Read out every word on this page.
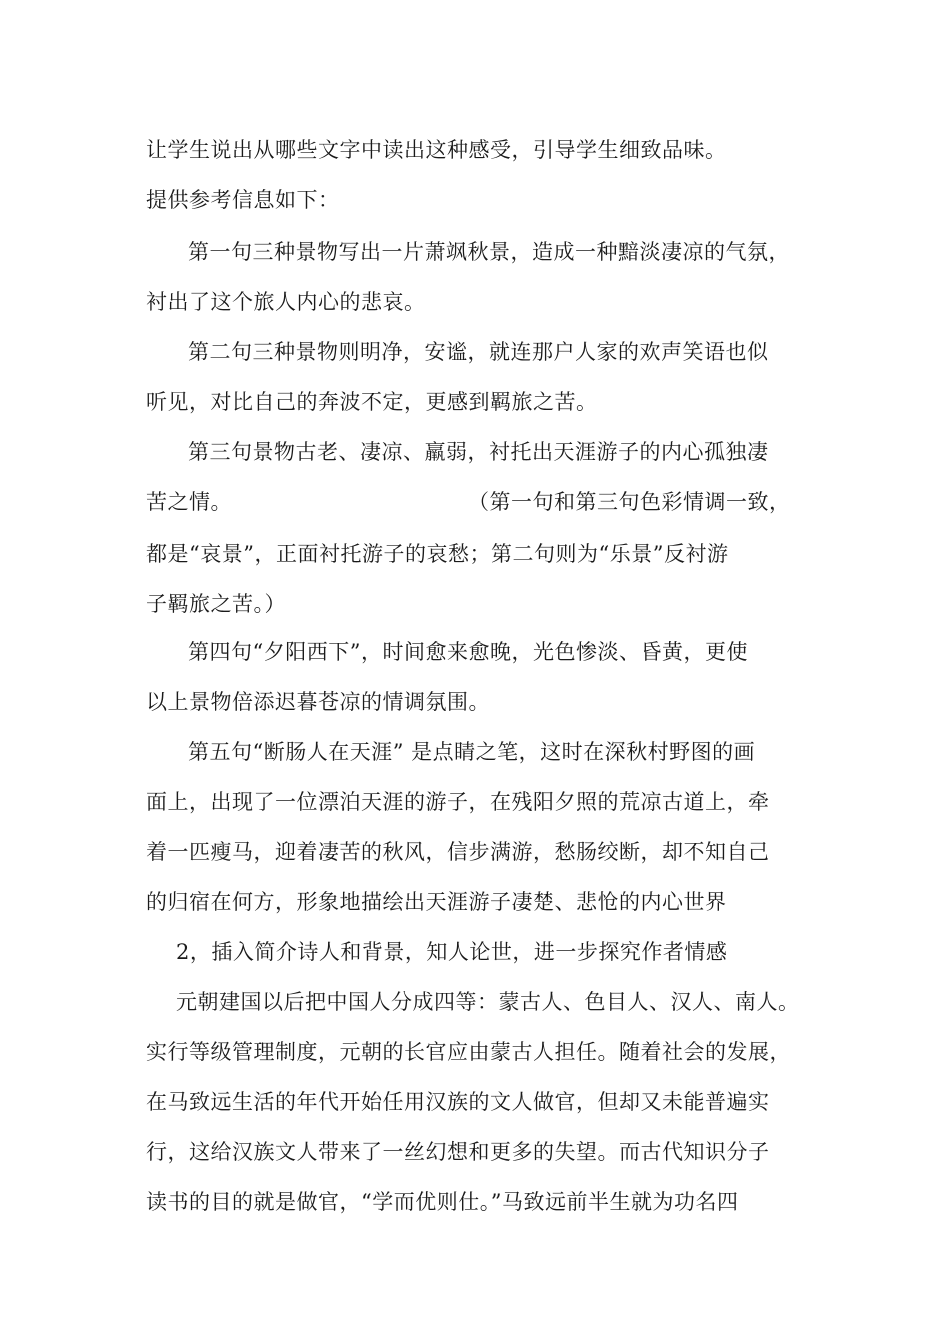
让学生说出从哪些文字中读出这种感受，引导学生细致品味。
提供参考信息如下：
第一句三种景物写出一片萧飒秋景，造成一种黯淡凄凉的气氛，
衬出了这个旅人内心的悲哀。
第二句三种景物则明净，安谧，就连那户人家的欢声笑语也似
听见，对比自己的奔波不定，更感到羁旅之苦。
第三句景物古老、凄凉、羸弱，衬托出天涯游子的内心孤独凄
苦之情。	（第一句和第三句色彩情调一致，
都是“哀景”，正面衬托游子的哀愁；第二句则为“乐景”反衬游
子羁旅之苦。）
第四句“夕阳西下”，时间愈来愈晚，光色惨淡、昏黄，更使
以上景物倍添迟暮苍凉的情调氛围。
第五句“断肠人在天涯” 是点睛之笔，这时在深秋村野图的画
面上，出现了一位漂泊天涯的游子，在残阳夕照的荒凉古道上，牵
着一匹瘦马，迎着凄苦的秋风，信步满游，愁肠绞断，却不知自己
的归宿在何方，形象地描绘出天涯游子凄楚、悲怆的内心世界
2，插入简介诗人和背景，知人论世，进一步探究作者情感
元朝建国以后把中国人分成四等：蒙古人、色目人、汉人、南人。
实行等级管理制度，元朝的长官应由蒙古人担任。随着社会的发展，
在马致远生活的年代开始任用汉族的文人做官，但却又未能普遍实
行，这给汉族文人带来了一丝幻想和更多的失望。而古代知识分子
读书的目的就是做官，“学而优则仕。”马致远前半生就为功名四
